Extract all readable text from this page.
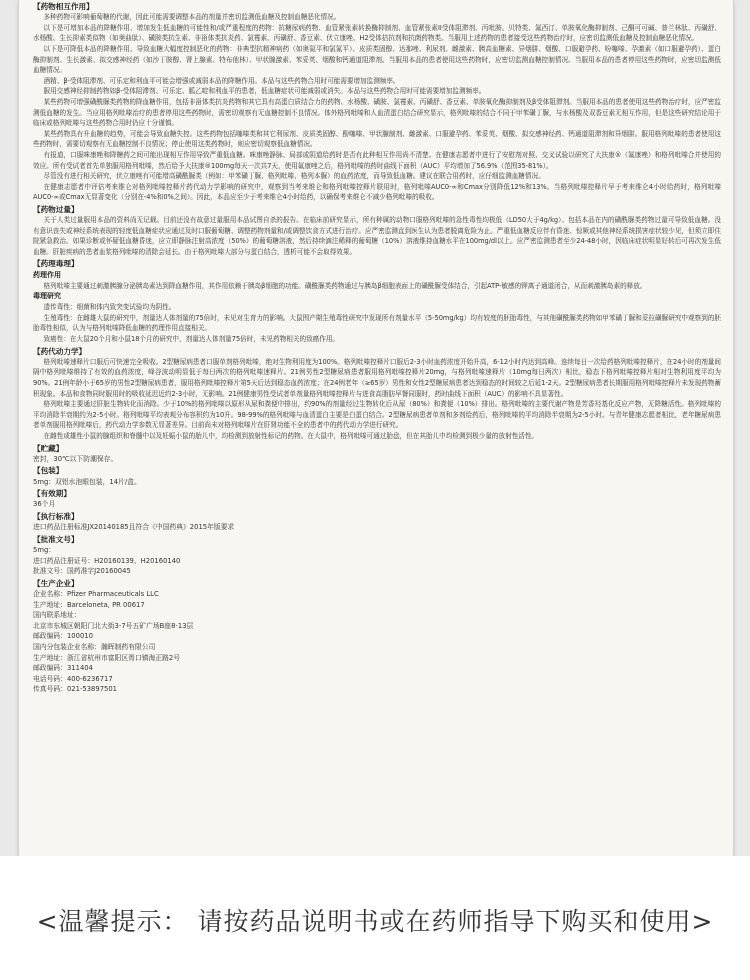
【药物相互作用】

多种药物可影响葡萄糖的代谢，因此可能需要调整本品的剂量并密切监测低血糖及控制血糖恶化情况。

以下是可增加本品的降糖作用、增加发生低血糖的可能性和/或严重程度的药物：抗糖尿病药物、血管紧张素转换酶抑制剂、血管紧张素II受体阻滞剂、丙吡胺、贝特类、氟西汀、单胺氧化酶抑制剂、己酮可可碱、普兰林肽、丙磺舒、水杨酸、生长抑素类似物（如奥曲肽）、磺胺类抗生素、非甾体类抗炎药、氯霉素、丙磺舒、香豆素、伏立康唑、H2受体拮抗剂和抗菌药物类。当服用上述药物的患者接受这些药物治疗时，应密切监测低血糖及控制血糖恶化情况。

以下是可降低本品的降糖作用、导致血糖大幅度控制恶化的药物：非典型抗精神病药（如奥氮平和氯氮平）、皮质类固醇、达那唑、利尿剂、雌激素、胰高血糖素、异烟肼、烟酸、口服避孕药、吩噻嗪、孕激素（如口服避孕药）、蛋白酶抑制剂、生长激素、拟交感神经药（如沙丁胺醇、肾上腺素、特布他林）、甲状腺激素、苯妥英、烟酸和钙通道阻滞剂。当服用本品的患者使用这些药物时，应密切监测血糖控制情况。当服用本品的患者停用这些药物时，应密切监测低血糖情况。

酒精、β-受体阻滞剂、可乐定和利血平可能会增强或减弱本品的降糖作用。本品与这些药物合用时可能需要增加监测频率。

服用交感神经抑制药物如β-受体阻滞剂、可乐定、胍乙啶和利血平的患者，低血糖症状可能减弱或消失。本品与这些药物合用时可能需要增加监测频率。

某些药物可增强磺酰脲类药物的降血糖作用，包括非甾体类抗炎药物和其它具有高蛋白质结合力的药物、水杨酸、磺胺、氯霉素、丙磺舒、香豆素、单胺氧化酶抑制剂及β受体阻滞剂。当服用本品的患者使用这些药物治疗时，应严密监测低血糖的发生。当应用格列吡嗪治疗的患者停用这些药物时，需密切观察有无血糖控制不良情况。体外格列吡嗪和人血清蛋白结合研究显示，格列吡嗪的结合不同于甲苯磺丁脲，与水杨酸及双香豆素无相互作用，但是这些研究结论用于临床或格列吡嗪与这些药物合用时仍应十分谨慎。

某些药物具有升血糖的趋势，可能会导致血糖失控。这些药物包括噻嗪类和其它利尿剂、皮质类固醇、酚噻嗪、甲状腺制剂、雌激素、口服避孕药、苯妥英、烟酸、拟交感神经药、钙通道阻滞剂和异烟肼。服用格列吡嗪的患者使用这些药物时，需要切观察有无血糖控制不良情况；停止使用这类药物时，则应密切观察低血糖情况。

有报道，口服咪康唑和降糖药之间可能出现相互作用导致严重低血糖。咪康唑静脉、局部或阴道给药时是否有此种相互作用尚不清楚。在健康志愿者中进行了安慰剂对照、交叉试验以研究了大扶康®（氟康唑）和格列吡嗪合并使用的效应。所有受试者首先单独服用格列吡嗪，然后给予大扶康®100mg每天一次共7天，使用氟康唑之后，格列吡嗪的药时曲线下面积（AUC）平均增加了56.9%（范围35-81%）。

尽管没有进行相关研究，伏立康唑有可能增高磺酰脲类（例如：甲苯磺丁脲、格列吡嗪、格列本脲）的血药浓度，而导致低血糖。建议在联合用药时，应仔细监测血糖情况。

在健康志愿者中评估考来维仑对格列吡嗪控释片药代动力学影响的研究中，观察到当考来维仑和格列吡嗪控释片联用时，格列吡嗪AUC0-∞和Cmax分别降低12%和13%。当格列吡嗪控释片早于考来维仑4小时给药时，格列吡嗪AUC0-∞或Cmax无显著变化（分别在-4%和0%之间）。因此，本品应至少于考来维仑4小时给药，以确保考来维仑不减少格列吡嗪的吸收。

【药物过量】

关于人类过量服用本品的资料尚无记载。目前还没有故意过量服用本品试图自杀的报告。在临床前研究显示，所有种属的动物口服格列吡嗪的急性毒性均极低（LD50大于4g/kg）。包括本品在内的磺酰脲类药物过量可导致低血糖。没有意识丧失或神经系统表现的轻度低血糖症状应通过及时口服葡萄糖、调整药物剂量和/或调整饮食方式进行治疗。应严密监测直到医生认为患者脱离危险为止。严重低血糖反应伴有昏迷、惊厥或其他神经系统损害症状较少见，但须立即住院紧急救治。如果诊断或怀疑低血糖昏迷，应立即静脉注射高浓度（50%）的葡萄糖溶液，然后持续滴注稀释的葡萄糖（10%）溶液维持血糖水平在100mg/dl以上。应严密监测患者至少24-48小时，因临床症状明显好转后可再次发生低血糖。肝脏疾病的患者血浆格列吡嗪的清除会延长。由于格列吡嗪大部分与蛋白结合，透析可能不会取得效果。

【药理毒理】
药理作用

格列吡嗪主要通过刺激胰腺分泌胰岛素达到降血糖作用，其作用依赖于胰岛β细胞的功能。磺酰脲类药物通过与胰岛β细胞表面上的磺酰脲受体结合，引起ATP-敏感的钾离子通道闭合，从而刺激胰岛素的释放。

毒理研究

遗传毒性：细菌和体内致突变试验均为阴性。

生殖毒性：在雌雄大鼠的研究中，剂量达人体剂量的75倍时，未见对生育力的影响。大鼠围产期生殖毒性研究中发现所有剂量水平（5-50mg/kg）均有较度的胚胎毒性，与其他磺酰脲类药物如甲苯磺丁脲和妥拉磺脲研究中观察到的胚胎毒性相似，认为与格列吡嗪降低血糖的药理作用直接相关。

致癌性：在大鼠20个月和小鼠18个月的研究中，剂量达人体剂量75倍时，未见药物相关的致癌作用。

【药代动力学】

格列吡嗪速释片口服后可快速完全吸收。2型糖尿病患者口服单剂格列吡嗪，绝对生物利用度为100%。格列吡嗪控释片口服后2-3小时血药浓度开始升高，6-12小时内达到高峰。连续每日一次给药格列吡嗪控释片，在24小时的剂量间隔中格列吡嗪维持了有效的血药浓度，峰谷波动明显低于每日两次的格列吡嗪速释片。21例男性2型糖尿病患者服用格列吡嗪控释片20mg，与格列吡嗪速释片（10mg每日两次）相比，稳态下格列吡嗪控释片相对生物利用度平均为90%。21例年龄小于65岁的男性2型糖尿病患者，服用格列吡嗪控释片第5天后达到稳态血药浓度；在24例老年（≥65岁）男性和女性2型糖尿病患者达到稳态的时间较之后延1-2天。2型糖尿病患者长期服用格列吡嗪控释片未发现药物蓄积现象。本品和食物同时服用时的吸收延迟近约2-3小时，无影响。21例健康男性受试者单剂量格列吡嗪控释片与进食高脂肪早餐同服时，药时曲线下面积（AUC）的影响不具显著性。

格列吡嗪主要通过肝脏生物转化而消除。少于10%的格列吡嗪以原形从尿和粪便中排出，约90%的剂量经过生物转化后从尿（80%）和粪便（10%）排出。格列吡嗪的主要代谢产物是芳香羟基化反应产物，无降糖活性。格列吡嗪的平均消除半衰期约为2-5小时。格列吡嗪平均表观分布容积约为10升。98-99%的格列吡嗪与血清蛋白主要是白蛋白结合。2型糖尿病患者单剂和多剂给药后，格列吡嗪的平均消除半衰期为2-5小时。与青年健康志愿者相比，老年糖尿病患者单剂服用格列吡嗪后，药代动力学参数无显著差异。目前尚未对格列吡嗪片在肝肾功能不全的患者中的药代动力学进行研究。

在雌性或雄性小鼠的腺组织和脊髓中以及妊娠小鼠的胎儿中，均检测到放射性标记的药物。在大鼠中，格列吡嗪可通过胎盘，但在其胎儿中均检测到极少量的放射性活性。

【贮藏】
密封，30℃以下防潮保存。
【包装】
5mg：双铝水泡眼包装，14片/盒。
【有效期】
36个月
【执行标准】
进口药品注册标准JX20140185且符合《中国药典》2015年版要求
【批准文号】
5mg：
进口药品注册证号：H20160139、H20160140
批准文号：国药准字J20160045
【生产企业】
企业名称：Pfizer Pharmaceuticals LLC
生产地址：Barceloneta, PR 00617
国内联系地址：
北京市东城区朝阳门北大街3-7号五矿广场B座8-13层
邮政编码：100010
国内分包装企业名称：瀚晖制药有限公司
生产地址：浙江省杭州市富阳区胥口镇海正路2号
邮政编码：311404
电话号码：400-6236717
传真号码：021-53897501
<温馨提示： 请按药品说明书或在药师指导下购买和使用>
